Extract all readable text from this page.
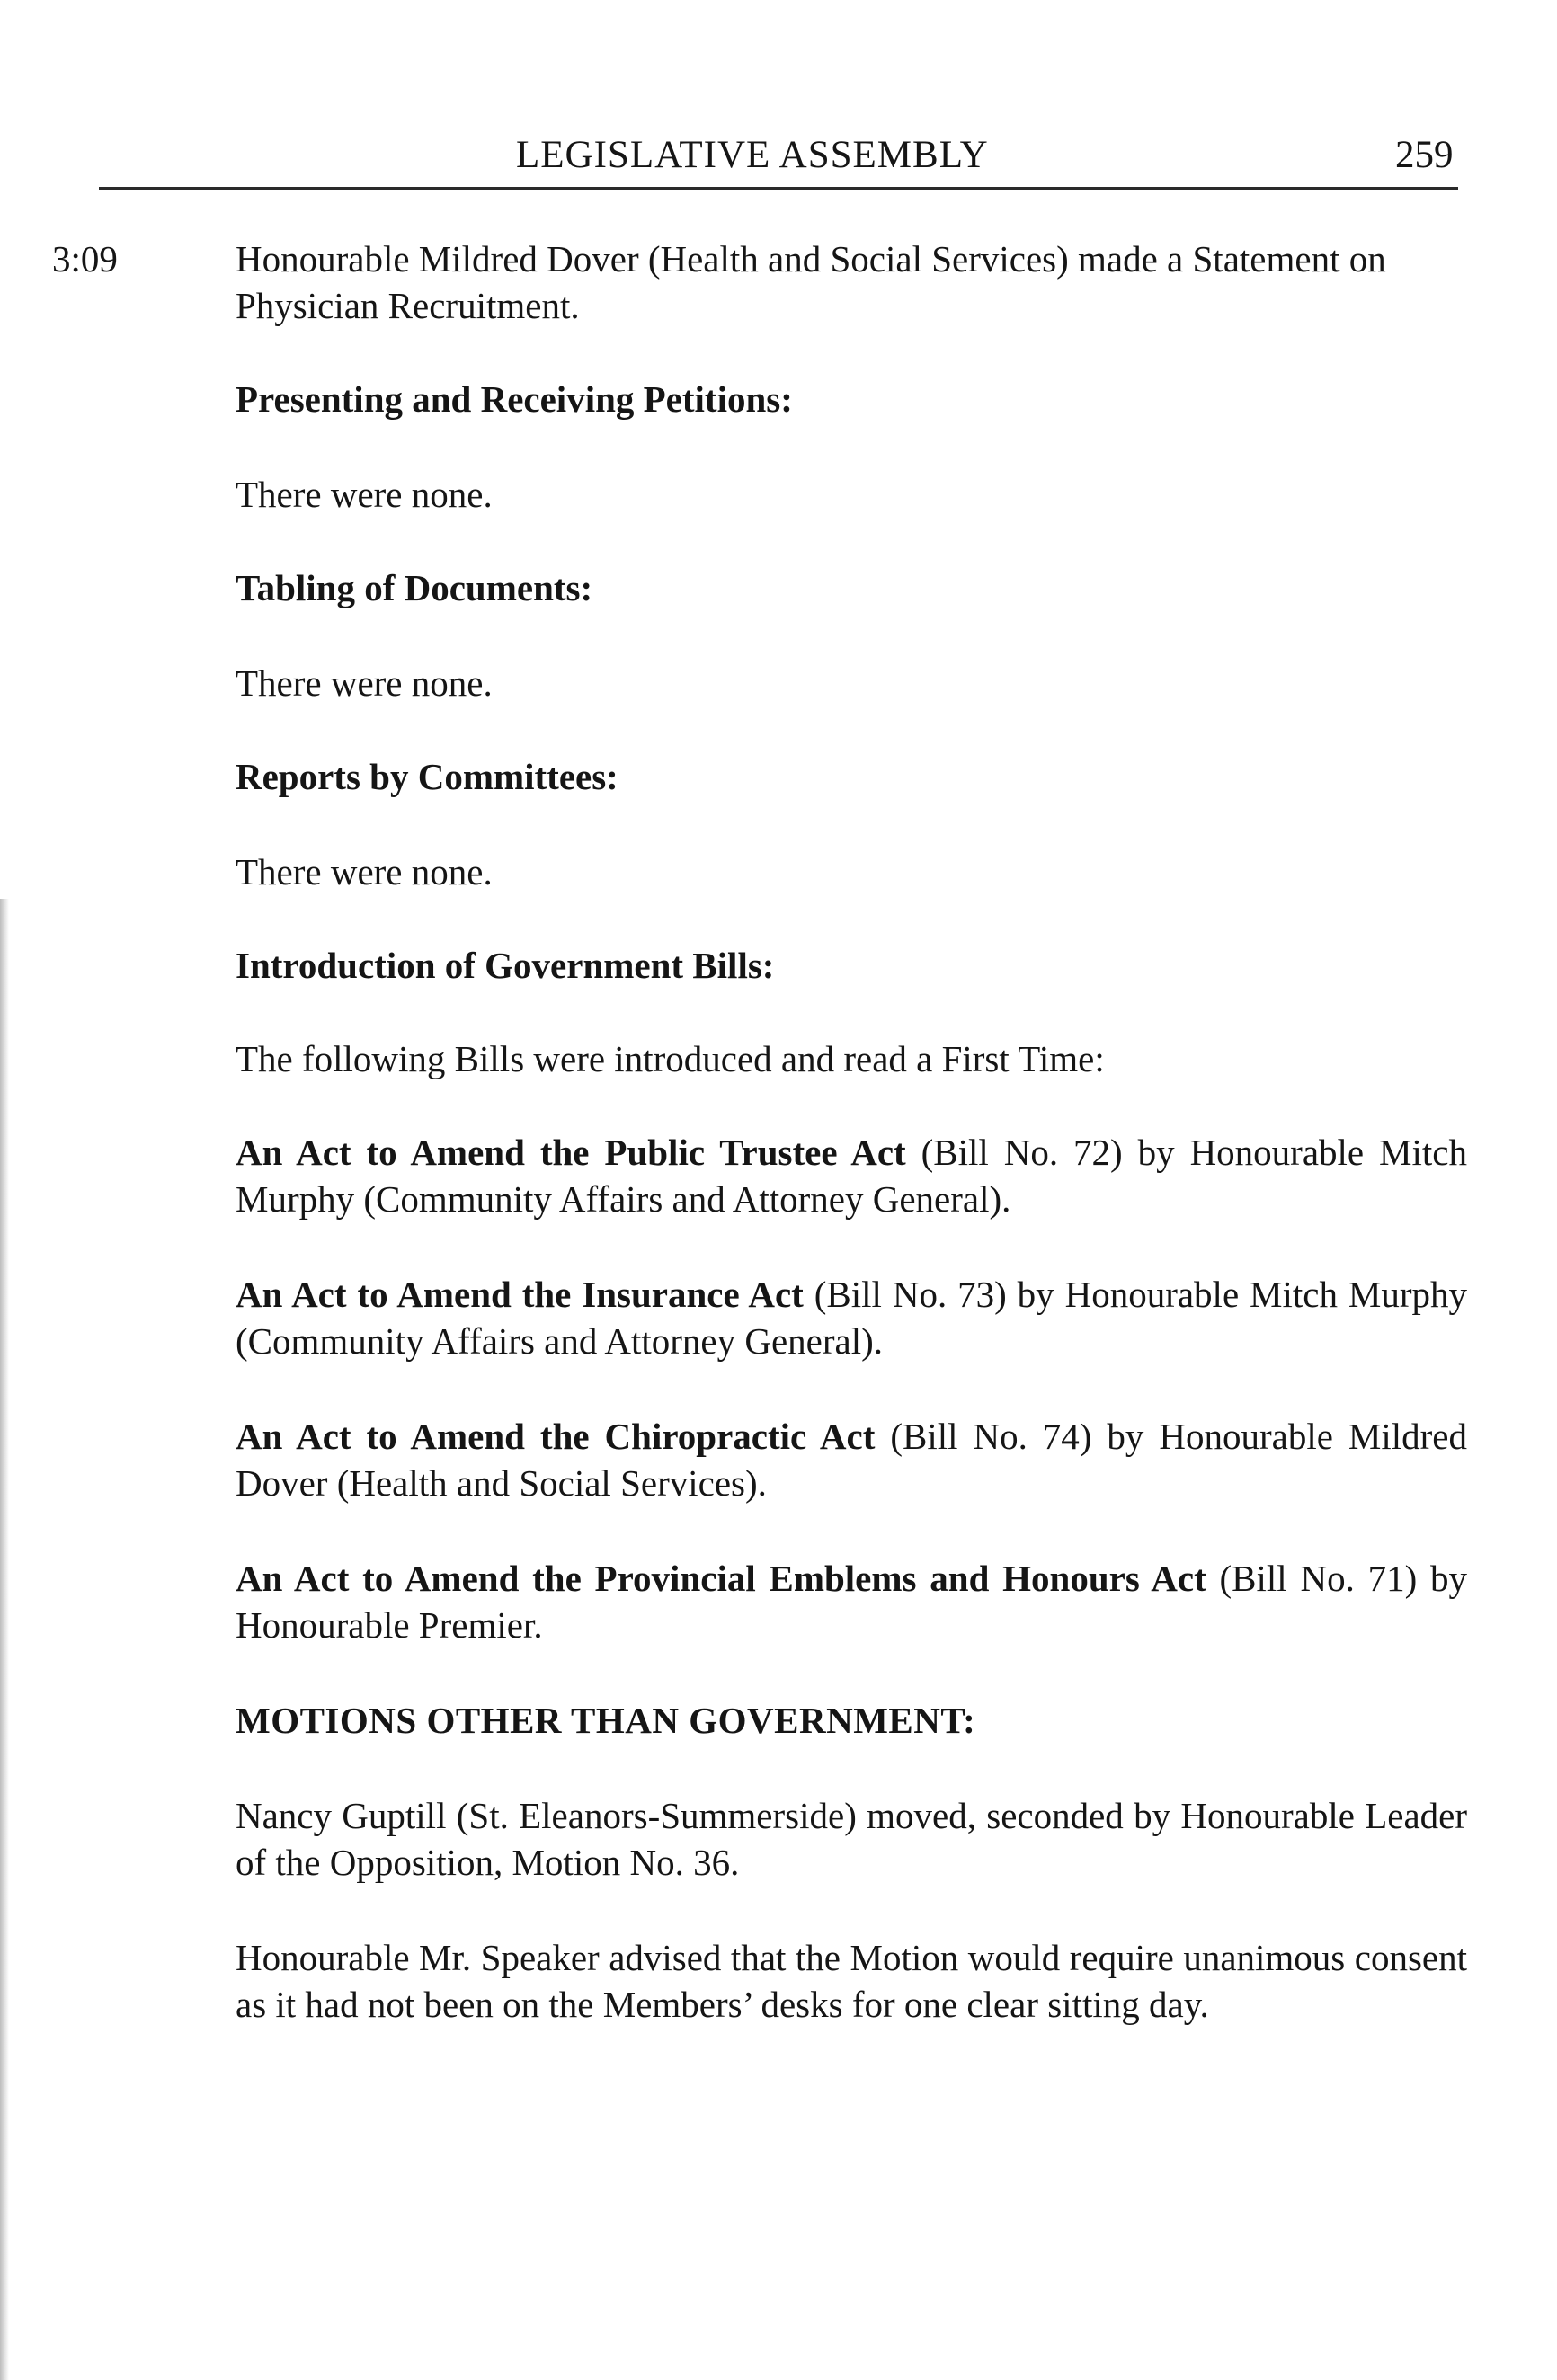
LEGISLATIVE ASSEMBLY	259
3:09	Honourable Mildred Dover (Health and Social Services) made a Statement on Physician Recruitment.

Presenting and Receiving Petitions:

There were none.

Tabling of Documents:

There were none.

Reports by Committees:

There were none.

Introduction of Government Bills:

The following Bills were introduced and read a First Time:

An Act to Amend the Public Trustee Act (Bill No. 72) by Honourable Mitch Murphy (Community Affairs and Attorney General).

An Act to Amend the Insurance Act (Bill No. 73) by Honourable Mitch Murphy (Community Affairs and Attorney General).

An Act to Amend the Chiropractic Act (Bill No. 74) by Honourable Mildred Dover (Health and Social Services).

An Act to Amend the Provincial Emblems and Honours Act (Bill No. 71) by Honourable Premier.

MOTIONS OTHER THAN GOVERNMENT:

Nancy Guptill (St. Eleanors-Summerside) moved, seconded by Honourable Leader of the Opposition, Motion No. 36.

Honourable Mr. Speaker advised that the Motion would require unanimous consent as it had not been on the Members’ desks for one clear sitting day.
